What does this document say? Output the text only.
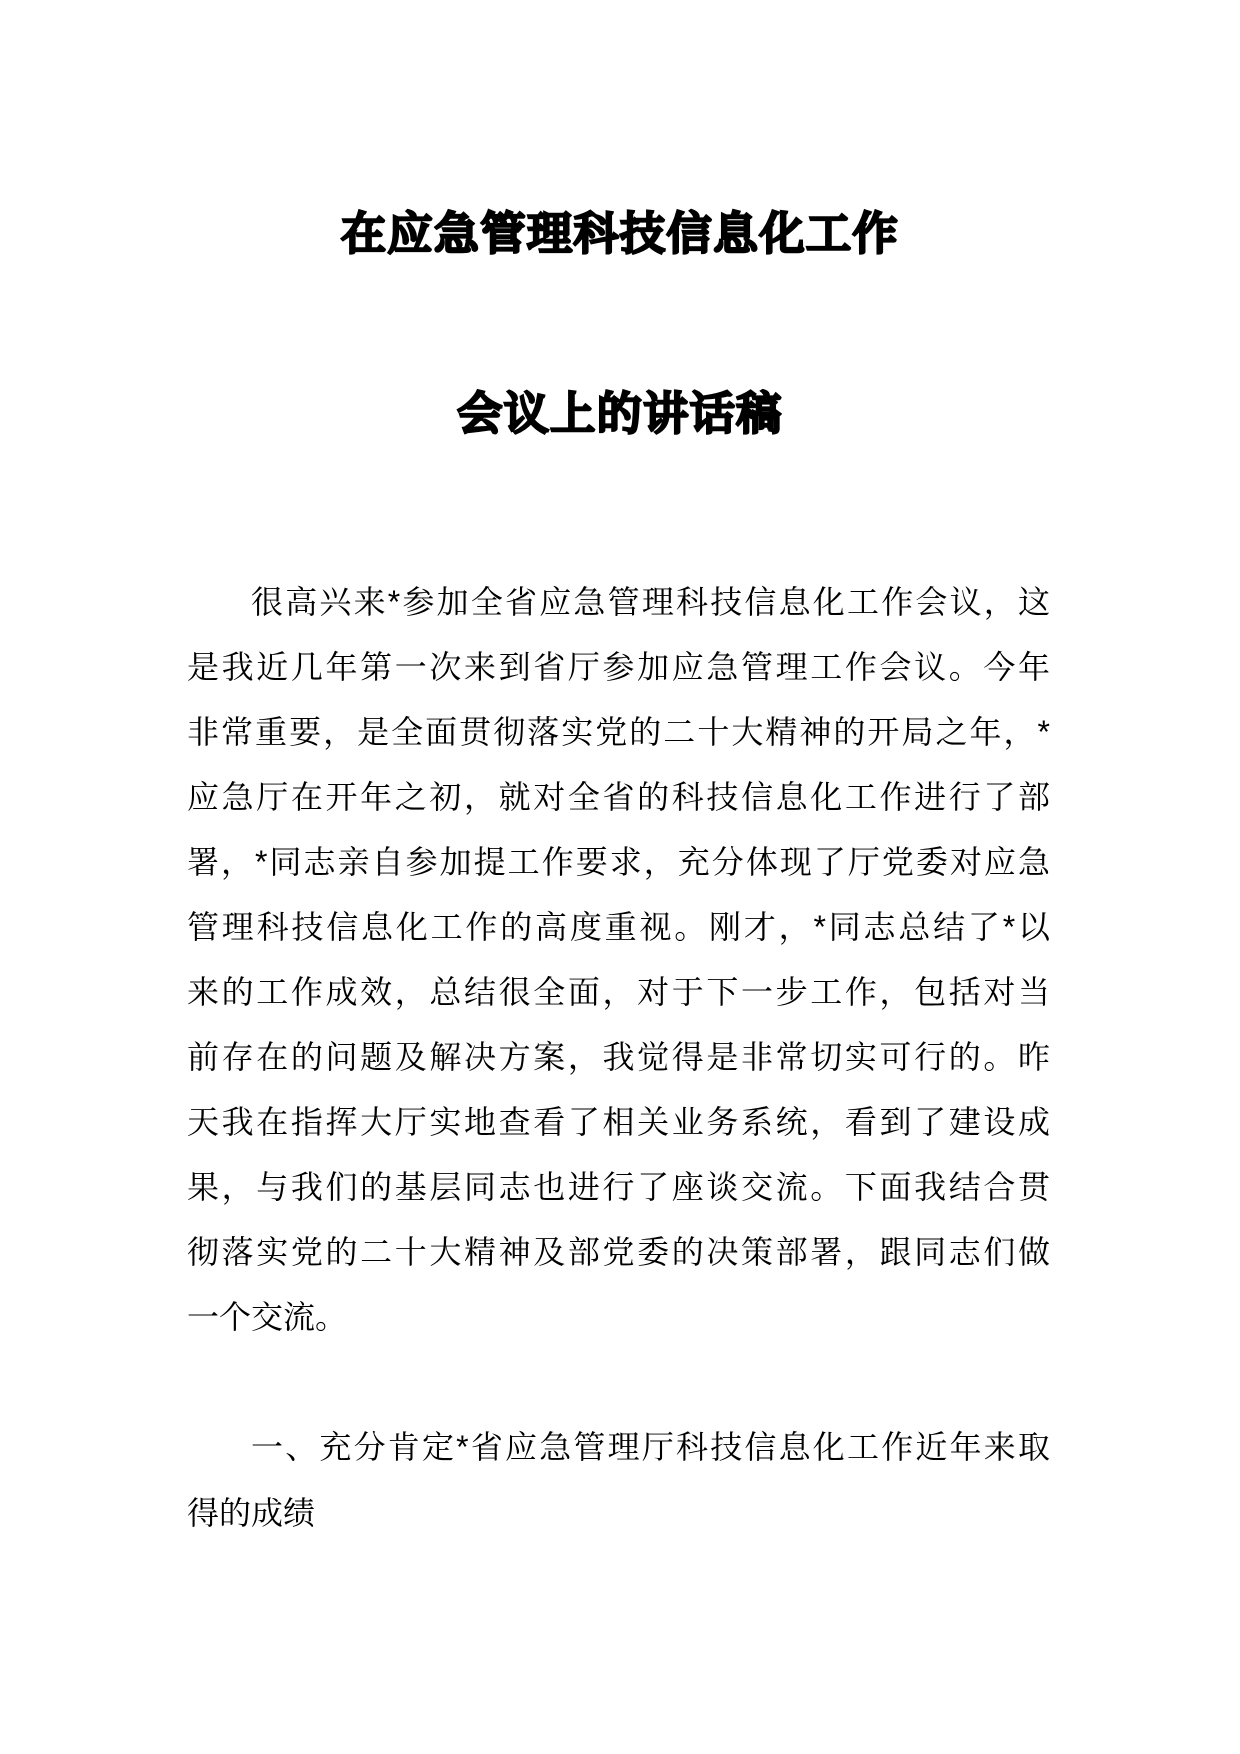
在应急管理科技信息化工作
会议上的讲话稿

很高兴来*参加全省应急管理科技信息化工作会议，这

是我近几年第一次来到省厅参加应急管理工作会议。今年

非常重要，是全面贯彻落实党的二十大精神的开局之年，*

应急厅在开年之初，就对全省的科技信息化工作进行了部

署，*同志亲自参加提工作要求，充分体现了厅党委对应急

管理科技信息化工作的高度重视。刚才，*同志总结了*以

来的工作成效，总结很全面，对于下一步工作，包括对当

前存在的问题及解决方案，我觉得是非常切实可行的。昨

天我在指挥大厅实地查看了相关业务系统，看到了建设成

果，与我们的基层同志也进行了座谈交流。下面我结合贯

彻落实党的二十大精神及部党委的决策部署，跟同志们做

一个交流。

一、充分肯定*省应急管理厅科技信息化工作近年来取

得的成绩
